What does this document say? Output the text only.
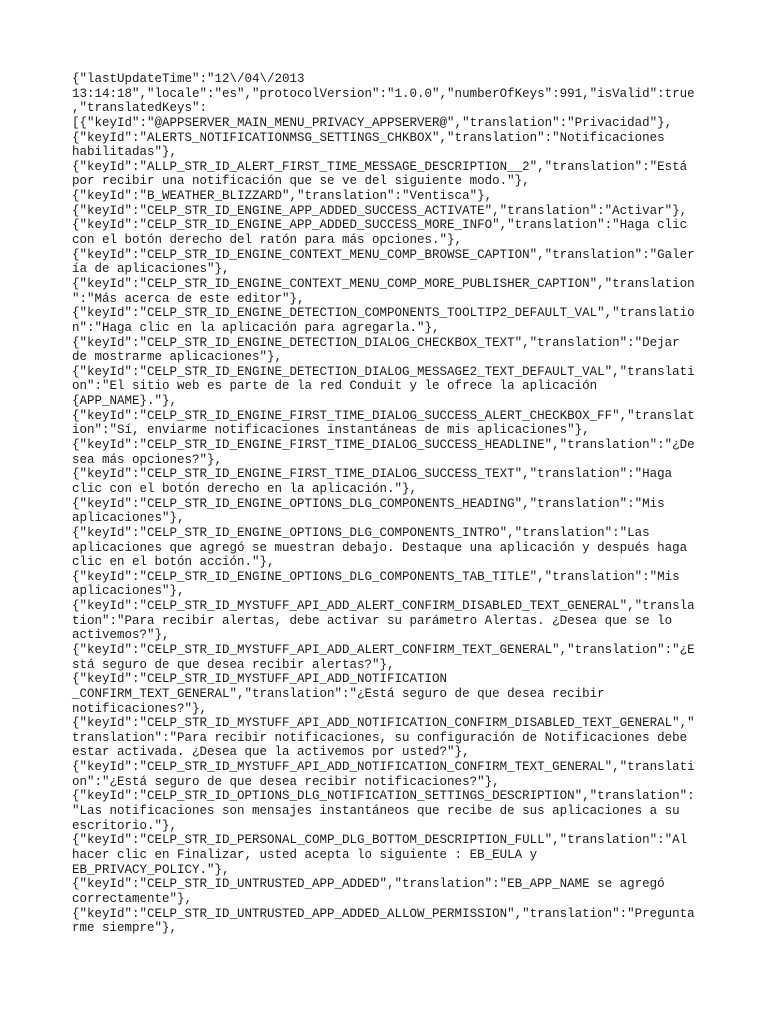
{"lastUpdateTime":"12\/04\/2013
13:14:18","locale":"es","protocolVersion":"1.0.0","numberOfKeys":991,"isValid":true
,"translatedKeys":
[{"keyId":"@APPSERVER_MAIN_MENU_PRIVACY_APPSERVER@","translation":"Privacidad"},
{"keyId":"ALERTS_NOTIFICATIONMSG_SETTINGS_CHKBOX","translation":"Notificaciones
habilitadas"},
{"keyId":"ALLP_STR_ID_ALERT_FIRST_TIME_MESSAGE_DESCRIPTION__2","translation":"Está
por recibir una notificación que se ve del siguiente modo."},
{"keyId":"B_WEATHER_BLIZZARD","translation":"Ventisca"},
{"keyId":"CELP_STR_ID_ENGINE_APP_ADDED_SUCCESS_ACTIVATE","translation":"Activar"},
{"keyId":"CELP_STR_ID_ENGINE_APP_ADDED_SUCCESS_MORE_INFO","translation":"Haga clic
con el botón derecho del ratón para más opciones."},
{"keyId":"CELP_STR_ID_ENGINE_CONTEXT_MENU_COMP_BROWSE_CAPTION","translation":"Galer
ía de aplicaciones"},
{"keyId":"CELP_STR_ID_ENGINE_CONTEXT_MENU_COMP_MORE_PUBLISHER_CAPTION","translation
":"Más acerca de este editor"},
{"keyId":"CELP_STR_ID_ENGINE_DETECTION_COMPONENTS_TOOLTIP2_DEFAULT_VAL","translatio
n":"Haga clic en la aplicación para agregarla."},
{"keyId":"CELP_STR_ID_ENGINE_DETECTION_DIALOG_CHECKBOX_TEXT","translation":"Dejar
de mostrarme aplicaciones"},
{"keyId":"CELP_STR_ID_ENGINE_DETECTION_DIALOG_MESSAGE2_TEXT_DEFAULT_VAL","translati
on":"El sitio web es parte de la red Conduit y le ofrece la aplicación
{APP_NAME}."},
{"keyId":"CELP_STR_ID_ENGINE_FIRST_TIME_DIALOG_SUCCESS_ALERT_CHECKBOX_FF","translat
ion":"Sí, enviarme notificaciones instantáneas de mis aplicaciones"},
{"keyId":"CELP_STR_ID_ENGINE_FIRST_TIME_DIALOG_SUCCESS_HEADLINE","translation":"¿De
sea más opciones?"},
{"keyId":"CELP_STR_ID_ENGINE_FIRST_TIME_DIALOG_SUCCESS_TEXT","translation":"Haga
clic con el botón derecho en la aplicación."},
{"keyId":"CELP_STR_ID_ENGINE_OPTIONS_DLG_COMPONENTS_HEADING","translation":"Mis
aplicaciones"},
{"keyId":"CELP_STR_ID_ENGINE_OPTIONS_DLG_COMPONENTS_INTRO","translation":"Las
aplicaciones que agregó se muestran debajo. Destaque una aplicación y después haga
clic en el botón acción."},
{"keyId":"CELP_STR_ID_ENGINE_OPTIONS_DLG_COMPONENTS_TAB_TITLE","translation":"Mis
aplicaciones"},
{"keyId":"CELP_STR_ID_MYSTUFF_API_ADD_ALERT_CONFIRM_DISABLED_TEXT_GENERAL","transla
tion":"Para recibir alertas, debe activar su parámetro Alertas. ¿Desea que se lo
activemos?"},
{"keyId":"CELP_STR_ID_MYSTUFF_API_ADD_ALERT_CONFIRM_TEXT_GENERAL","translation":"¿E
stá seguro de que desea recibir alertas?"},
{"keyId":"CELP_STR_ID_MYSTUFF_API_ADD_NOTIFICATION
_CONFIRM_TEXT_GENERAL","translation":"¿Está seguro de que desea recibir
notificaciones?"},
{"keyId":"CELP_STR_ID_MYSTUFF_API_ADD_NOTIFICATION_CONFIRM_DISABLED_TEXT_GENERAL","
translation":"Para recibir notificaciones, su configuración de Notificaciones debe
estar activada. ¿Desea que la activemos por usted?"},
{"keyId":"CELP_STR_ID_MYSTUFF_API_ADD_NOTIFICATION_CONFIRM_TEXT_GENERAL","translati
on":"¿Está seguro de que desea recibir notificaciones?"},
{"keyId":"CELP_STR_ID_OPTIONS_DLG_NOTIFICATION_SETTINGS_DESCRIPTION","translation":
"Las notificaciones son mensajes instantáneos que recibe de sus aplicaciones a su
escritorio."},
{"keyId":"CELP_STR_ID_PERSONAL_COMP_DLG_BOTTOM_DESCRIPTION_FULL","translation":"Al
hacer clic en Finalizar, usted acepta lo siguiente : EB_EULA y
EB_PRIVACY_POLICY."},
{"keyId":"CELP_STR_ID_UNTRUSTED_APP_ADDED","translation":"EB_APP_NAME se agregó
correctamente"},
{"keyId":"CELP_STR_ID_UNTRUSTED_APP_ADDED_ALLOW_PERMISSION","translation":"Pregunta
rme siempre"},
